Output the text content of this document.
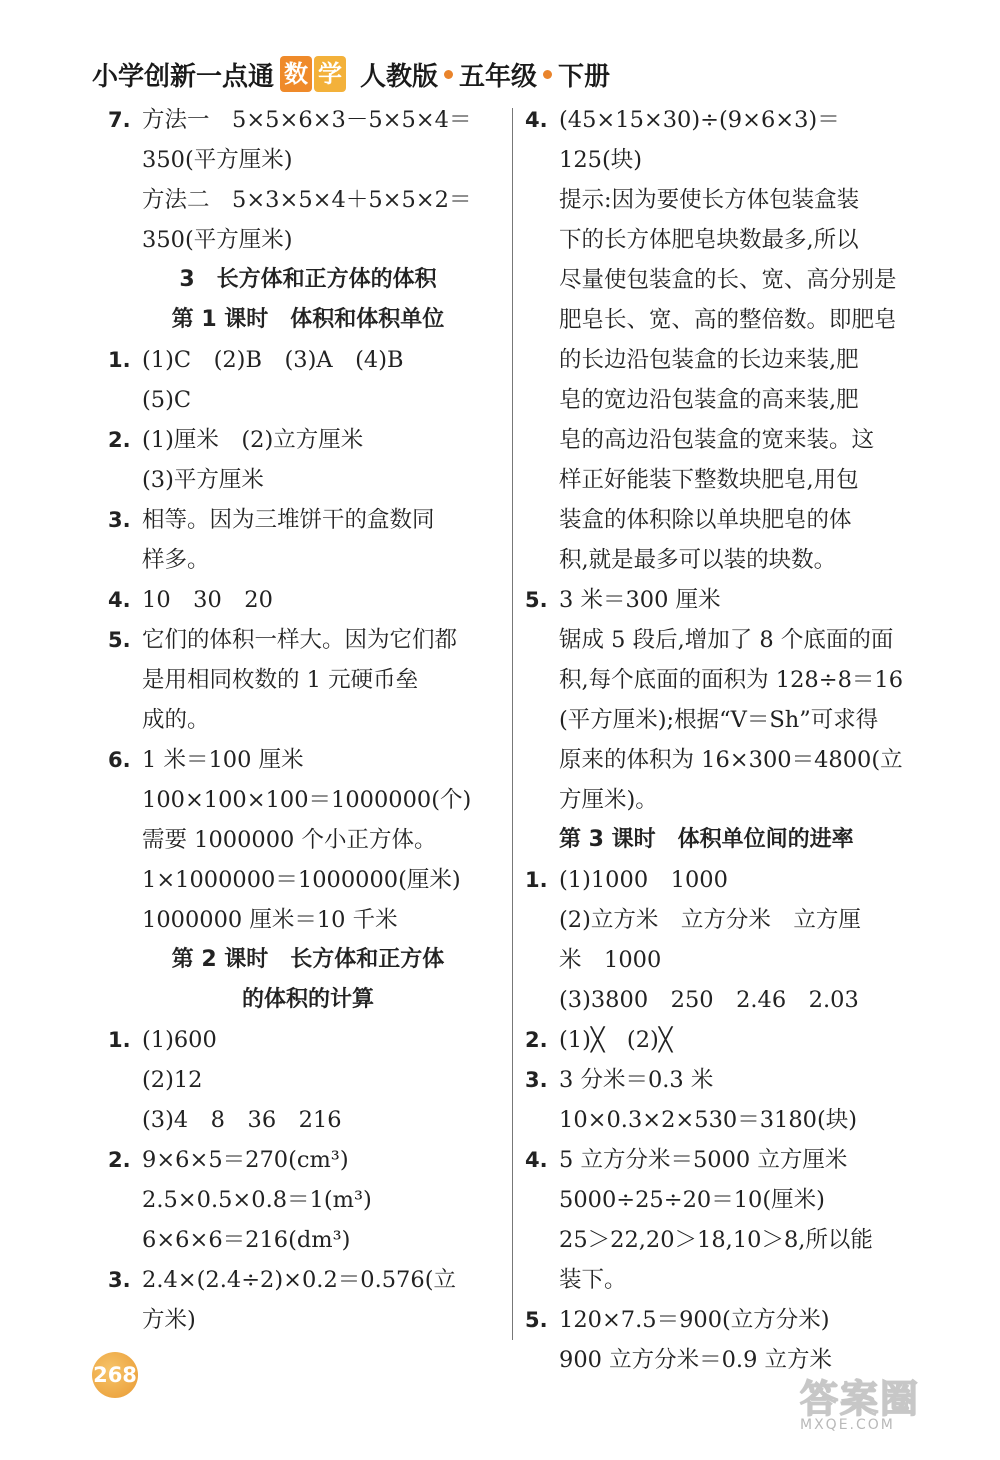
小学创新一点通 数 学 人教版 五年级 下册
7. 方法一　5×5×6×3－5×5×4＝
350(平方厘米)
方法二　5×3×5×4＋5×5×2＝
350(平方厘米)
3　长方体和正方体的体积
第 1 课时　体积和体积单位
1. (1)C　(2)B　(3)A　(4)B
(5)C
2. (1)厘米　(2)立方厘米
(3)平方厘米
3. 相等。因为三堆饼干的盒数同
样多。
4. 10　30　20
5. 它们的体积一样大。因为它们都
是用相同枚数的 1 元硬币垒
成的。
6. 1 米＝100 厘米
100×100×100＝1000000(个)
需要 1000000 个小正方体。
1×1000000＝1000000(厘米)
1000000 厘米＝10 千米
第 2 课时　长方体和正方体
的体积的计算
1. (1)600
(2)12
(3)4　8　36　216
2. 9×6×5＝270(cm³)
2.5×0.5×0.8＝1(m³)
6×6×6＝216(dm³)
3. 2.4×(2.4÷2)×0.2＝0.576(立
方米)
4. (45×15×30)÷(9×6×3)＝
125(块)
提示:因为要使长方体包装盒装
下的长方体肥皂块数最多,所以
尽量使包装盒的长、宽、高分别是
肥皂长、宽、高的整倍数。即肥皂
的长边沿包装盒的长边来装,肥
皂的宽边沿包装盒的高来装,肥
皂的高边沿包装盒的宽来装。这
样正好能装下整数块肥皂,用包
装盒的体积除以单块肥皂的体
积,就是最多可以装的块数。
5. 3 米＝300 厘米
锯成 5 段后,增加了 8 个底面的面
积,每个底面的面积为 128÷8＝16
(平方厘米);根据“V＝Sh”可求得
原来的体积为 16×300＝4800(立
方厘米)。
第 3 课时　体积单位间的进率
1. (1)1000　1000
(2)立方米　立方分米　立方厘
米　1000
(3)3800　250　2.46　2.03
2. (1)╳　(2)╳
3. 3 分米＝0.3 米
10×0.3×2×530＝3180(块)
4. 5 立方分米＝5000 立方厘米
5000÷25÷20＝10(厘米)
25＞22,20＞18,10＞8,所以能
装下。
5. 120×7.5＝900(立方分米)
900 立方分米＝0.9 立方米
268
答案圈
MXQE.COM
